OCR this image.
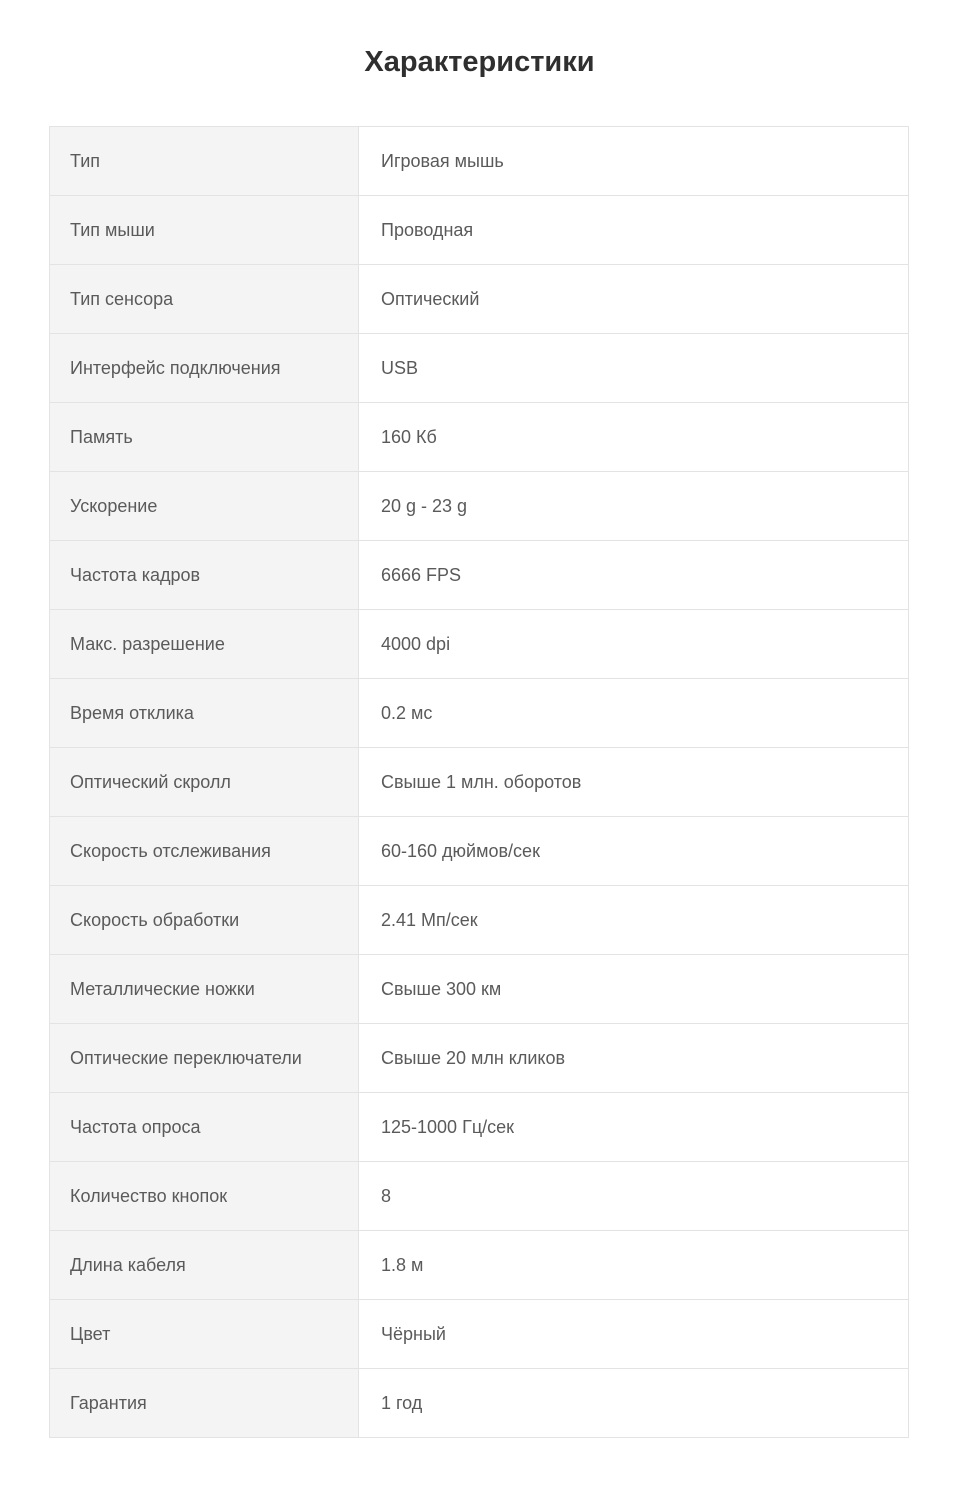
Характеристики
Тип	Игровая мышь
Тип мыши	Проводная
Тип сенсора	Оптический
Интерфейс подключения	USB
Память	160 Кб
Ускорение	20 g - 23 g
Частота кадров	6666 FPS
Макс. разрешение	4000 dpi
Время отклика	0.2 мс
Оптический скролл	Свыше 1 млн. оборотов
Скорость отслеживания	60-160 дюймов/сек
Скорость обработки	2.41 Мп/сек
Металлические ножки	Свыше 300 км
Оптические переключатели	Свыше 20 млн кликов
Частота опроса	125-1000 Гц/сек
Количество кнопок	8
Длина кабеля	1.8 м
Цвет	Чёрный
Гарантия	1 год
